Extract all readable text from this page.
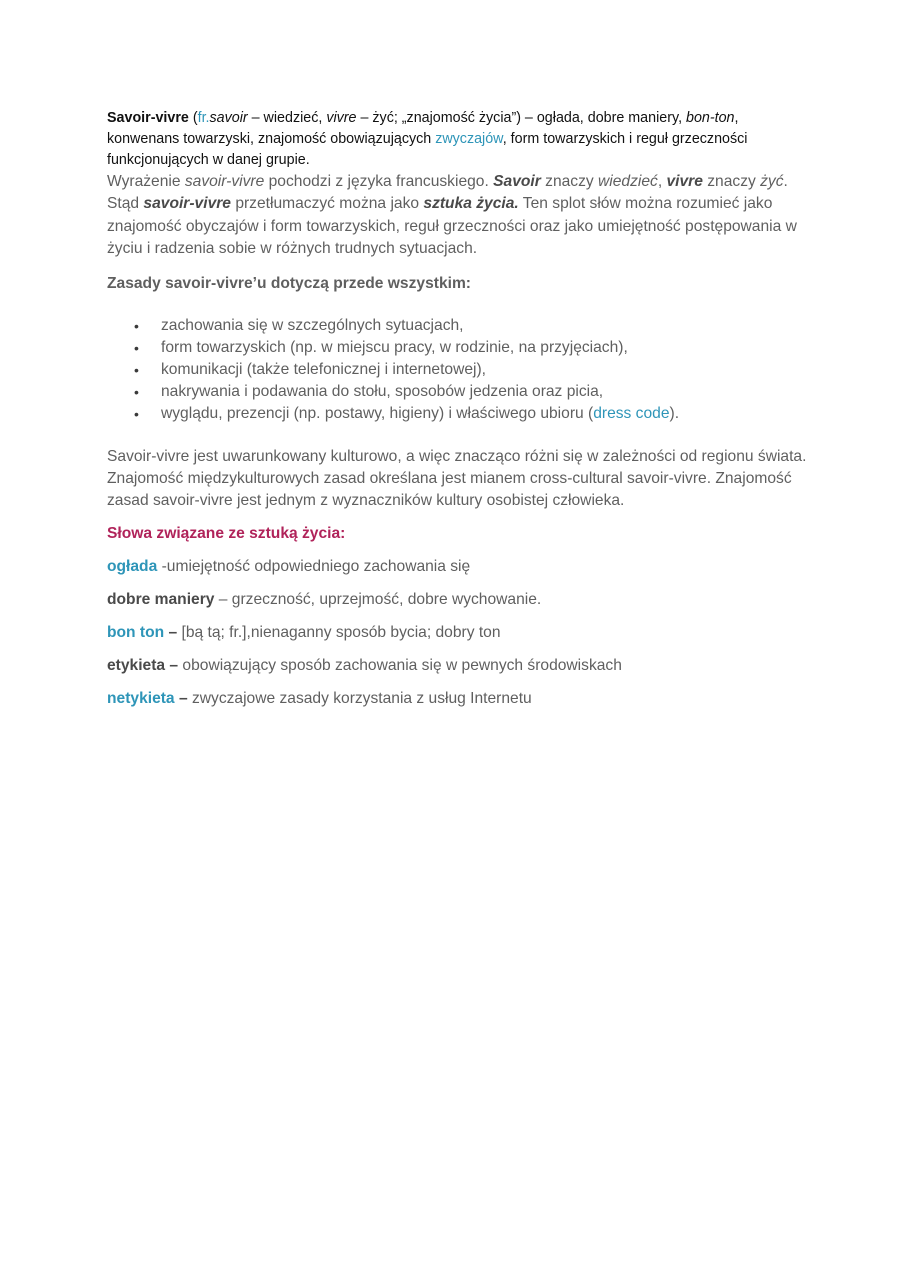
Savoir-vivre (fr.savoir – wiedzieć, vivre – żyć; „znajomość życia”) – ogłada, dobre maniery, bon-ton, konwenans towarzyski, znajomość obowiązujących zwyczajów, form towarzyskich i reguł grzeczności funkcjonujących w danej grupie.

Wyrażenie savoir-vivre pochodzi z języka francuskiego. Savoir znaczy wiedzieć, vivre znaczy żyć. Stąd savoir-vivre przetłumaczyć można jako sztuka życia. Ten splot słów można rozumieć jako znajomość obyczajów i form towarzyskich, reguł grzeczności oraz jako umiejętność postępowania w życiu i radzenia sobie w różnych trudnych sytuacjach.

Zasady savoir-vivre’u dotyczą przede wszystkim:

• zachowania się w szczególnych sytuacjach,
• form towarzyskich (np. w miejscu pracy, w rodzinie, na przyjęciach),
• komunikacji (także telefonicznej i internetowej),
• nakrywania i podawania do stołu, sposobów jedzenia oraz picia,
• wyglądu, prezencji (np. postawy, higieny) i właściwego ubioru (dress code).

Savoir-vivre jest uwarunkowany kulturowo, a więc znacząco różni się w zależności od regionu świata. Znajomość międzykulturowych zasad określana jest mianem cross-cultural savoir-vivre. Znajomość zasad savoir-vivre jest jednym z wyznaczników kultury osobistej człowieka.

Słowa związane ze sztuką życia:

ogłada -umiejętność odpowiedniego zachowania się

dobre maniery – grzeczność, uprzejmość, dobre wychowanie.

bon ton – [bą tą; fr.],nienaganny sposób bycia; dobry ton

etykieta – obowiązujący sposób zachowania się w pewnych środowiskach

netykieta – zwyczajowe zasady korzystania z usług Internetu
